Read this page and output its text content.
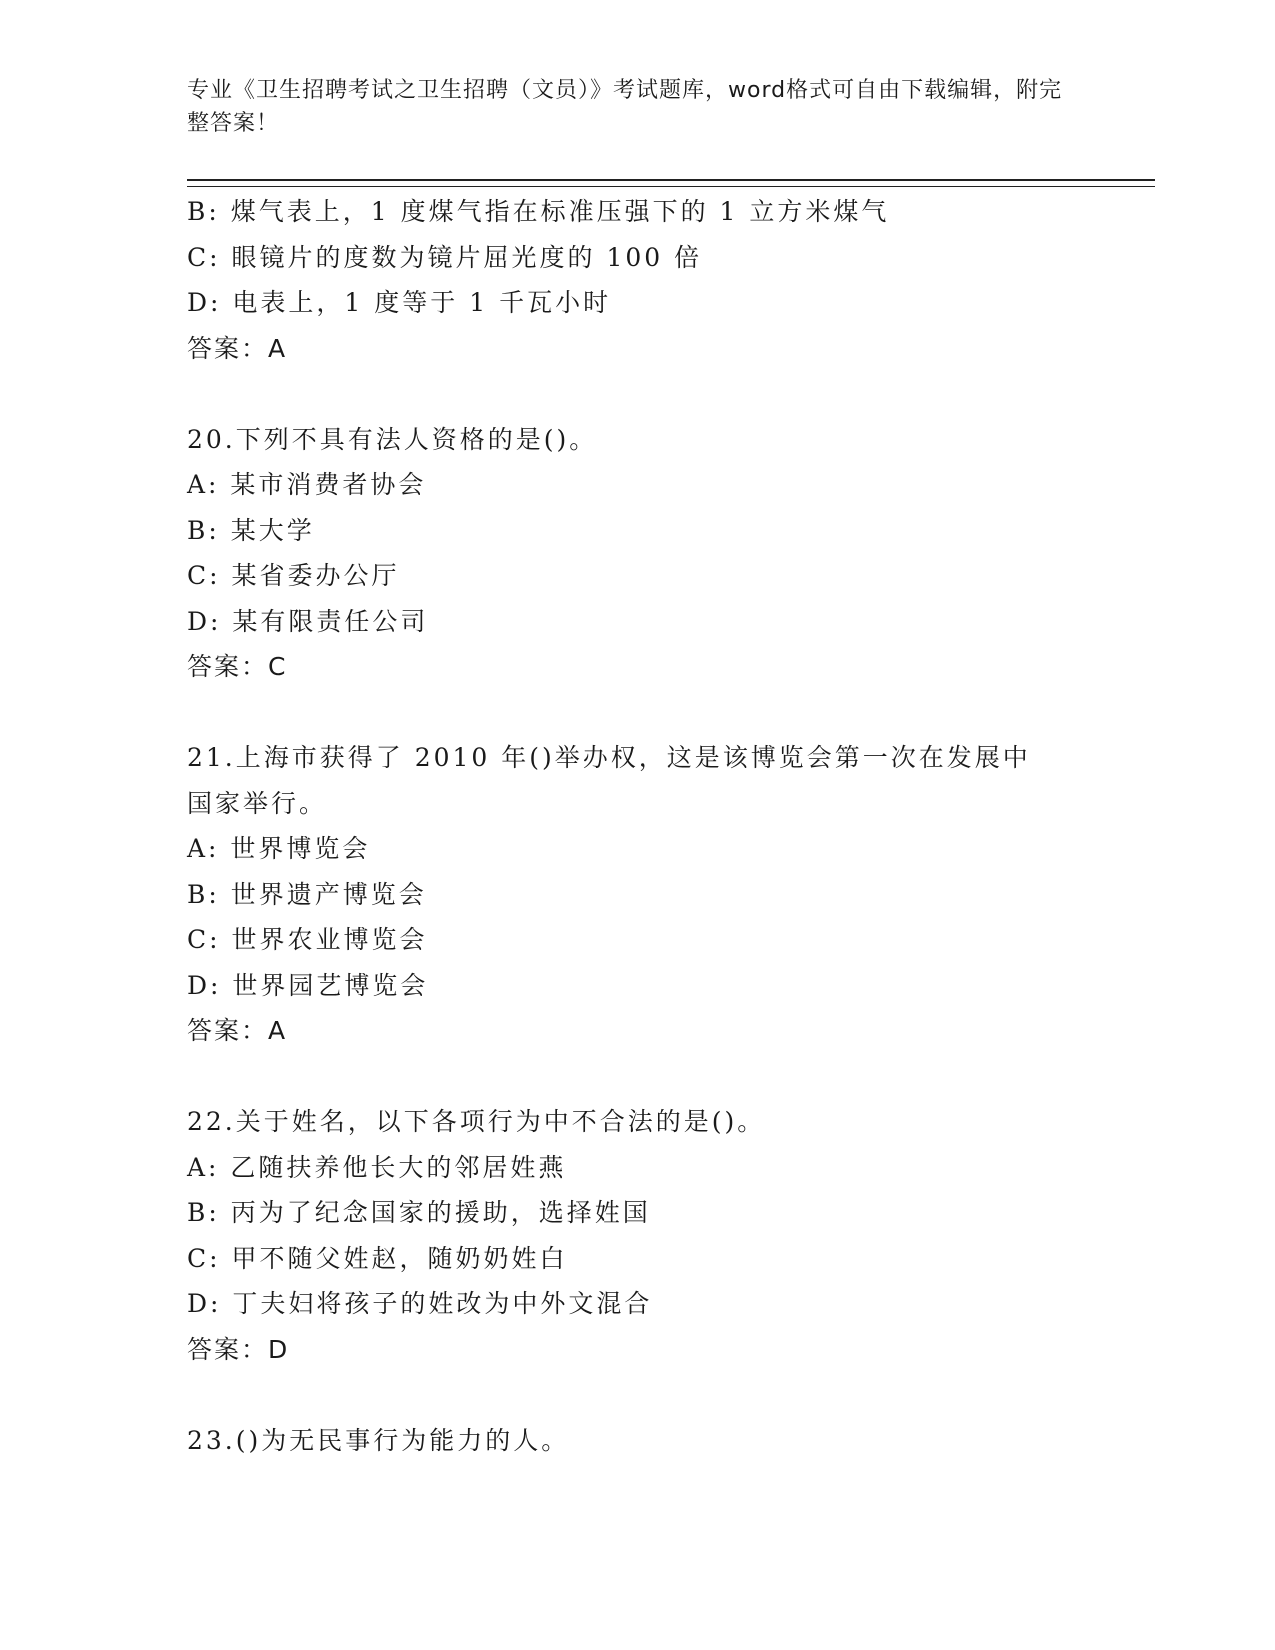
专业《卫生招聘考试之卫生招聘（文员）》考试题库，word格式可自由下载编辑，附完整答案！
B: 煤气表上，1 度煤气指在标准压强下的 1 立方米煤气
C: 眼镜片的度数为镜片屈光度的 100 倍
D: 电表上，1 度等于 1 千瓦小时
答案：A
20.下列不具有法人资格的是()。
A: 某市消费者协会
B: 某大学
C: 某省委办公厅
D: 某有限责任公司
答案：C
21.上海市获得了 2010 年()举办权，这是该博览会第一次在发展中国家举行。
A: 世界博览会
B: 世界遗产博览会
C: 世界农业博览会
D: 世界园艺博览会
答案：A
22.关于姓名，以下各项行为中不合法的是()。
A: 乙随扶养他长大的邻居姓燕
B: 丙为了纪念国家的援助，选择姓国
C: 甲不随父姓赵，随奶奶姓白
D: 丁夫妇将孩子的姓改为中外文混合
答案：D
23.()为无民事行为能力的人。
